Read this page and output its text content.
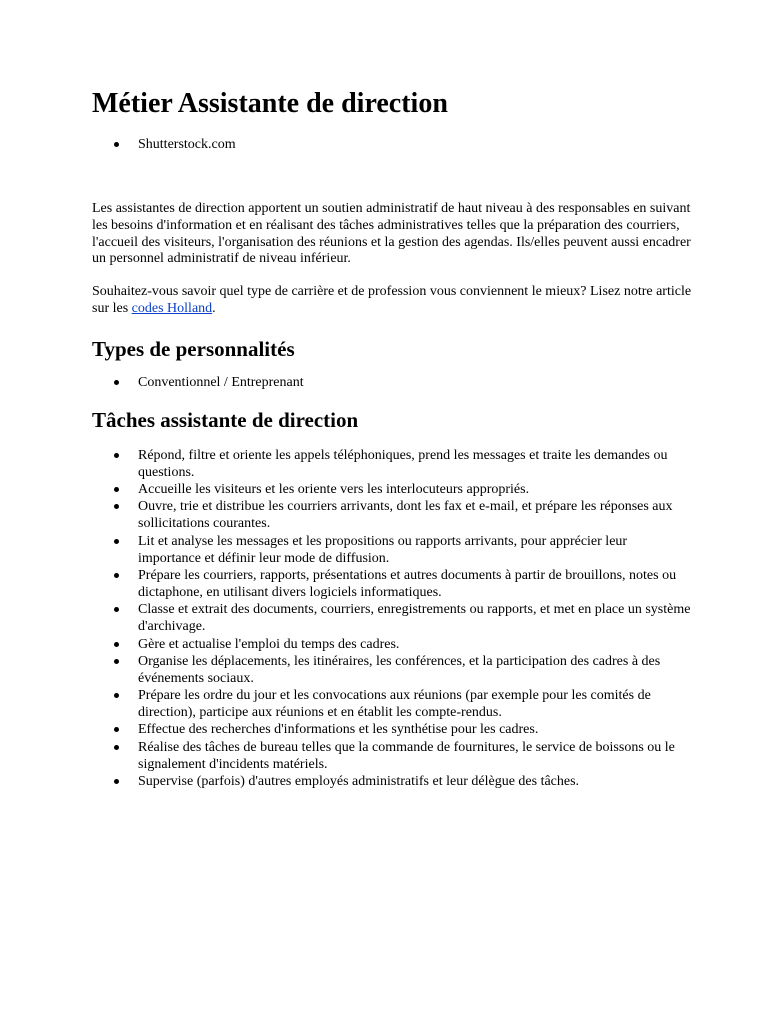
Métier Assistante de direction
Shutterstock.com

Les assistantes de direction apportent un soutien administratif de haut niveau à des responsables en suivant les besoins d'information et en réalisant des tâches administratives telles que la préparation des courriers, l'accueil des visiteurs, l'organisation des réunions et la gestion des agendas. Ils/elles peuvent aussi encadrer un personnel administratif de niveau inférieur.

Souhaitez-vous savoir quel type de carrière et de profession vous conviennent le mieux? Lisez notre article sur les codes Holland.

Types de personnalités
Conventionnel / Entreprenant
Tâches assistante de direction
Répond, filtre et oriente les appels téléphoniques, prend les messages et traite les demandes ou questions.
Accueille les visiteurs et les oriente vers les interlocuteurs appropriés.
Ouvre, trie et distribue les courriers arrivants, dont les fax et e-mail, et prépare les réponses aux sollicitations courantes.
Lit et analyse les messages et les propositions ou rapports arrivants, pour apprécier leur importance et définir leur mode de diffusion.
Prépare les courriers, rapports, présentations et autres documents à partir de brouillons, notes ou dictaphone, en utilisant divers logiciels informatiques.
Classe et extrait des documents, courriers, enregistrements ou rapports, et met en place un système d'archivage.
Gère et actualise l'emploi du temps des cadres.
Organise les déplacements, les itinéraires, les conférences, et la participation des cadres à des événements sociaux.
Prépare les ordre du jour et les convocations aux réunions (par exemple pour les comités de direction), participe aux réunions et en établit les compte-rendus.
Effectue des recherches d'informations et les synthétise pour les cadres.
Réalise des tâches de bureau telles que la commande de fournitures, le service de boissons ou le signalement d'incidents matériels.
Supervise (parfois) d'autres employés administratifs et leur délègue des tâches.
